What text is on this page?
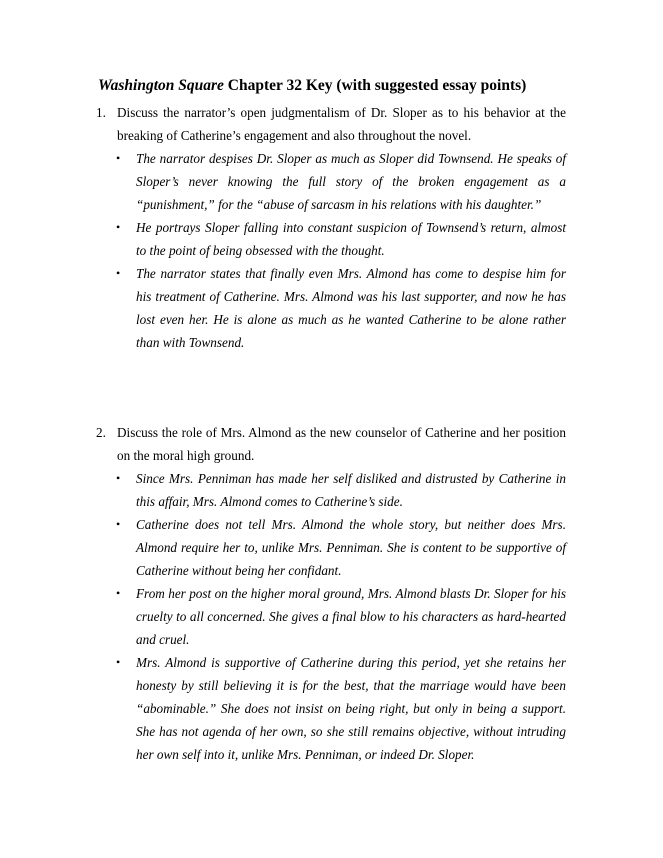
Washington Square Chapter 32 Key (with suggested essay points)
1. Discuss the narrator’s open judgmentalism of Dr. Sloper as to his behavior at the breaking of Catherine’s engagement and also throughout the novel.
• The narrator despises Dr. Sloper as much as Sloper did Townsend. He speaks of Sloper’s never knowing the full story of the broken engagement as a “punishment,” for the “abuse of sarcasm in his relations with his daughter.”
• He portrays Sloper falling into constant suspicion of Townsend’s return, almost to the point of being obsessed with the thought.
• The narrator states that finally even Mrs. Almond has come to despise him for his treatment of Catherine. Mrs. Almond was his last supporter, and now he has lost even her. He is alone as much as he wanted Catherine to be alone rather than with Townsend.
2. Discuss the role of Mrs. Almond as the new counselor of Catherine and her position on the moral high ground.
• Since Mrs. Penniman has made her self disliked and distrusted by Catherine in this affair, Mrs. Almond comes to Catherine’s side.
• Catherine does not tell Mrs. Almond the whole story, but neither does Mrs. Almond require her to, unlike Mrs. Penniman. She is content to be supportive of Catherine without being her confidant.
• From her post on the higher moral ground, Mrs. Almond blasts Dr. Sloper for his cruelty to all concerned. She gives a final blow to his characters as hard-hearted and cruel.
• Mrs. Almond is supportive of Catherine during this period, yet she retains her honesty by still believing it is for the best, that the marriage would have been “abominable.” She does not insist on being right, but only in being a support. She has not agenda of her own, so she still remains objective, without intruding her own self into it, unlike Mrs. Penniman, or indeed Dr. Sloper.
